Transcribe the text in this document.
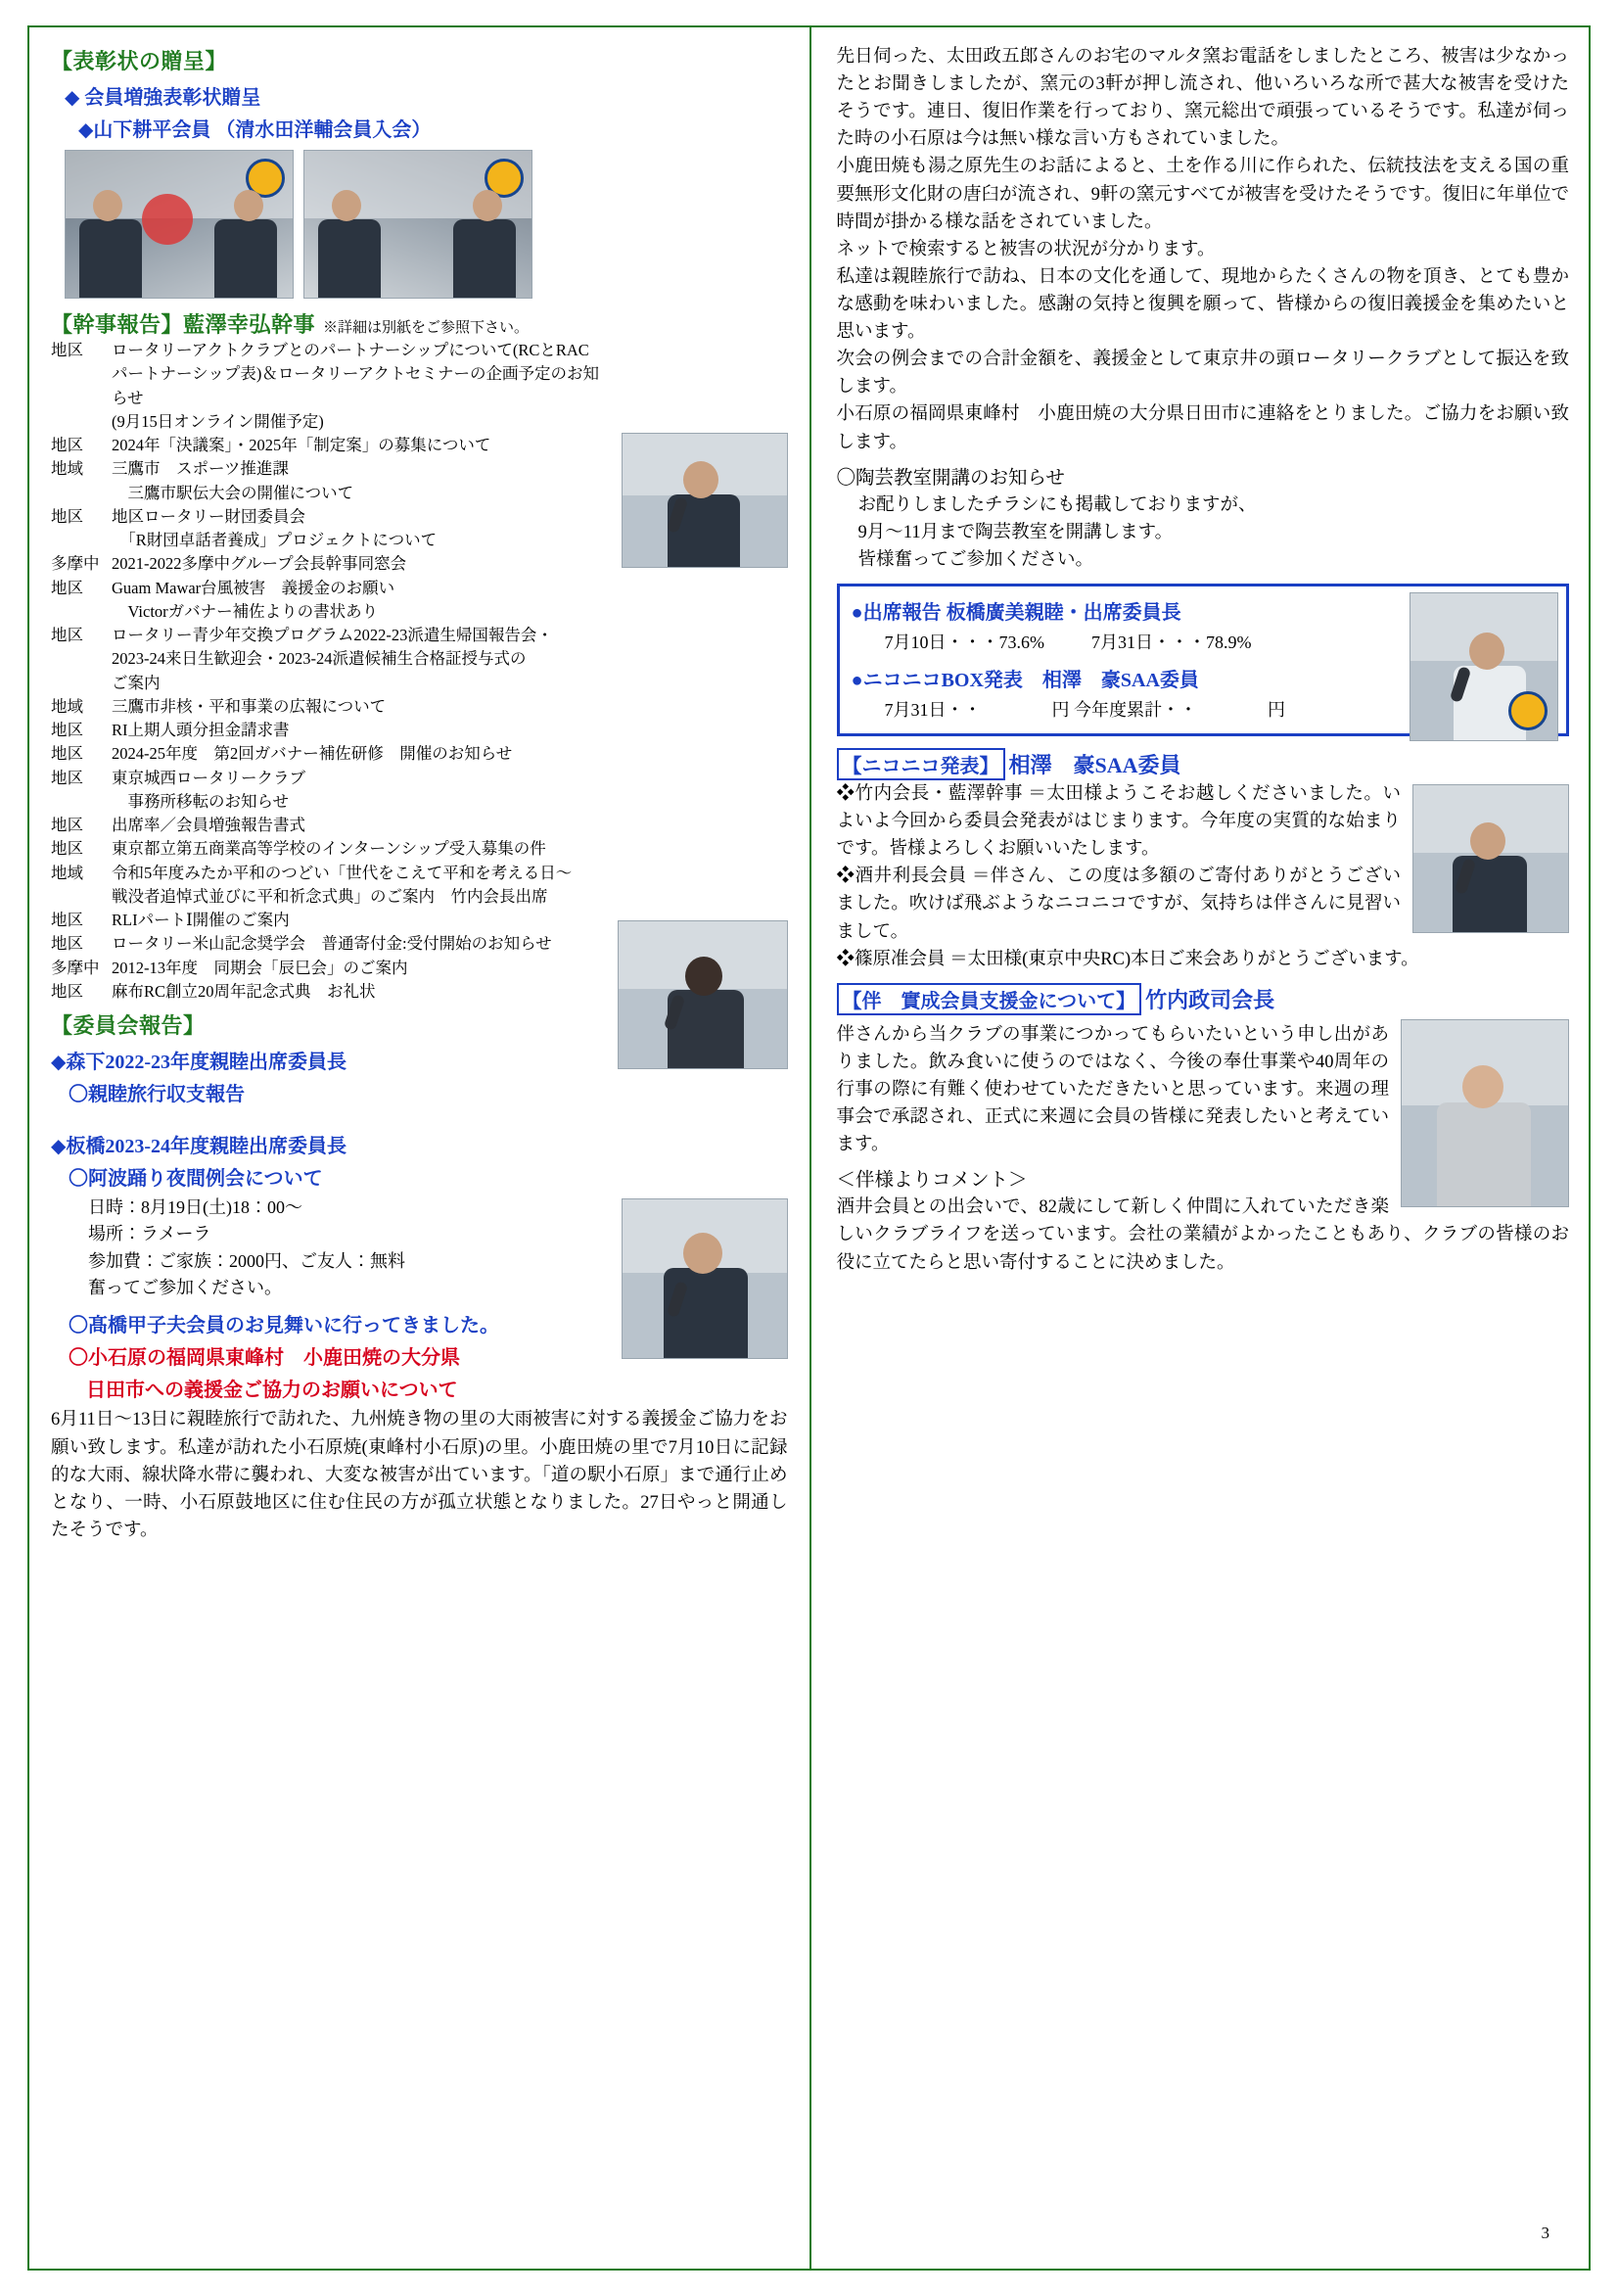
【表彰状の贈呈】
◆ 会員増強表彰状贈呈
◆山下耕平会員 （清水田洋輔会員入会）
【幹事報告】藍澤幸弘幹事 ※詳細は別紙をご参照下さい。
地区	ロータリーアクトクラブとのパートナーシップについて(RCとRAC
パートナーシップ表)＆ロータリーアクトセミナーの企画予定のお知らせ
(9月15日オンライン開催予定)
地区	2024年「決議案」・2025年「制定案」の募集について
地域	三鷹市　スポーツ推進課
　三鷹市駅伝大会の開催について
地区	地区ロータリー財団委員会
　「R財団卓話者養成」プロジェクトについて
多摩中 2021-2022多摩中グループ会長幹事同窓会
地区	Guam Mawar台風被害　義援金のお願い
　Victorガバナー補佐よりの書状あり
地区	ロータリー青少年交換プログラム2022-23派遣生帰国報告会・
2023-24来日生歓迎会・2023-24派遣候補生合格証授与式の
ご案内
地域	三鷹市非核・平和事業の広報について
地区	RI上期人頭分担金請求書
地区	2024-25年度　第2回ガバナー補佐研修　開催のお知らせ
地区	東京城西ロータリークラブ
　事務所移転のお知らせ
地区	出席率／会員増強報告書式
地区	東京都立第五商業高等学校のインターンシップ受入募集の件
地域	令和5年度みたか平和のつどい「世代をこえて平和を考える日～
戦没者追悼式並びに平和祈念式典」のご案内　竹内会長出席
地区	RLIパートⅠ開催のご案内
地区	ロータリー米山記念奨学会　普通寄付金:受付開始のお知らせ
多摩中 2012-13年度　同期会「辰巳会」のご案内
地区	麻布RC創立20周年記念式典　お礼状
【委員会報告】
◆森下2022-23年度親睦出席委員長
〇親睦旅行収支報告
◆板橋2023-24年度親睦出席委員長
〇阿波踊り夜間例会について
日時：8月19日(土)18：00～
場所：ラメーラ
参加費：ご家族：2000円、ご友人：無料
奮ってご参加ください。
〇髙橋甲子夫会員のお見舞いに行ってきました。
〇小石原の福岡県東峰村　小鹿田焼の大分県
日田市への義援金ご協力のお願いについて
6月11日～13日に親睦旅行で訪れた、九州焼き物の里の大雨被害に対する義援金ご協力をお願い致します。私達が訪れた小石原焼(東峰村小石原)の里。小鹿田焼の里で7月10日に記録的な大雨、線状降水帯に襲われ、大変な被害が出ています。「道の駅小石原」まで通行止めとなり、一時、小石原鼓地区に住む住民の方が孤立状態となりました。27日やっと開通したそうです。
先日伺った、太田政五郎さんのお宅のマルタ窯お電話をしましたところ、被害は少なかったとお聞きしましたが、窯元の3軒が押し流され、他いろいろな所で甚大な被害を受けたそうです。連日、復旧作業を行っており、窯元総出で頑張っているそうです。私達が伺った時の小石原は今は無い様な言い方もされていました。
小鹿田焼も湯之原先生のお話によると、土を作る川に作られた、伝統技法を支える国の重要無形文化財の唐臼が流され、9軒の窯元すべてが被害を受けたそうです。復旧に年単位で時間が掛かる様な話をされていました。
ネットで検索すると被害の状況が分かります。
私達は親睦旅行で訪ね、日本の文化を通して、現地からたくさんの物を頂き、とても豊かな感動を味わいました。感謝の気持と復興を願って、皆様からの復旧義援金を集めたいと思います。
次会の例会までの合計金額を、義援金として東京井の頭ロータリークラブとして振込を致します。
小石原の福岡県東峰村　小鹿田焼の大分県日田市に連絡をとりました。ご協力をお願い致します。
〇陶芸教室開講のお知らせ
お配りしましたチラシにも掲載しておりますが、
9月～11月まで陶芸教室を開講します。
皆様奮ってご参加ください。
●出席報告 板橋廣美親睦・出席委員長
7月10日・・・73.6%	7月31日・・・78.9%
●ニコニコBOX発表　相澤　豪SAA委員
7月31日・・　　　　円 今年度累計・・　　　　円
【ニコニコ発表】 相澤　豪SAA委員
❖竹内会長・藍澤幹事 ＝太田様ようこそお越しくださいました。いよいよ今回から委員会発表がはじまります。今年度の実質的な始まりです。皆様よろしくお願いいたします。
❖酒井利長会員 ＝伴さん、この度は多額のご寄付ありがとうございました。吹けば飛ぶようなニコニコですが、気持ちは伴さんに見習いまして。
❖篠原准会員 ＝太田様(東京中央RC)本日ご来会ありがとうございます。
【伴　實成会員支援金について】 竹内政司会長
伴さんから当クラブの事業につかってもらいたいという申し出がありました。飲み食いに使うのではなく、今後の奉仕事業や40周年の行事の際に有難く使わせていただきたいと思っています。来週の理事会で承認され、正式に来週に会員の皆様に発表したいと考えています。
＜伴様よりコメント＞
酒井会員との出会いで、82歳にして新しく仲間に入れていただき楽しいクラブライフを送っています。会社の業績がよかったこともあり、クラブの皆様のお役に立てたらと思い寄付することに決めました。
3
